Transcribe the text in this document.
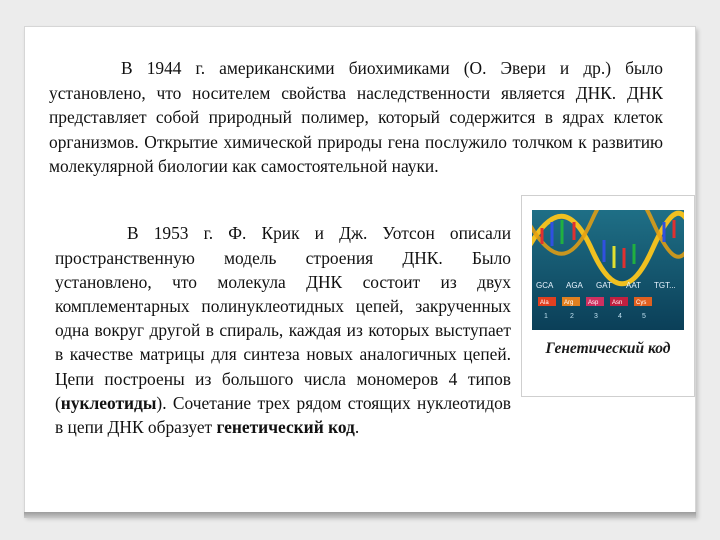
В 1944 г. американскими биохимиками (О. Эвери и др.) было установлено, что носителем свойства наследственности является ДНК. ДНК представляет собой природный полимер, который содержится в ядрах клеток организмов. Открытие химической природы гена послужило толчком к развитию молекулярной биологии как самостоятельной науки.

В 1953 г. Ф. Крик и Дж. Уотсон описали пространственную модель строения ДНК. Было установлено, что молекула ДНК состоит из двух комплементарных полинуклеотидных цепей, закрученных одна вокруг другой в спираль, каждая из которых выступает в качестве матрицы для синтеза новых аналогичных цепей. Цепи построены из большого числа мономеров 4 типов (нуклеотиды). Сочетание трех рядом стоящих нуклеотидов в цепи ДНК образует генетический код.

GCA AGA GAT AAT TGT...
Ala	Arg Asp Asn Cys
1	2	3	4	5
Генетический код
